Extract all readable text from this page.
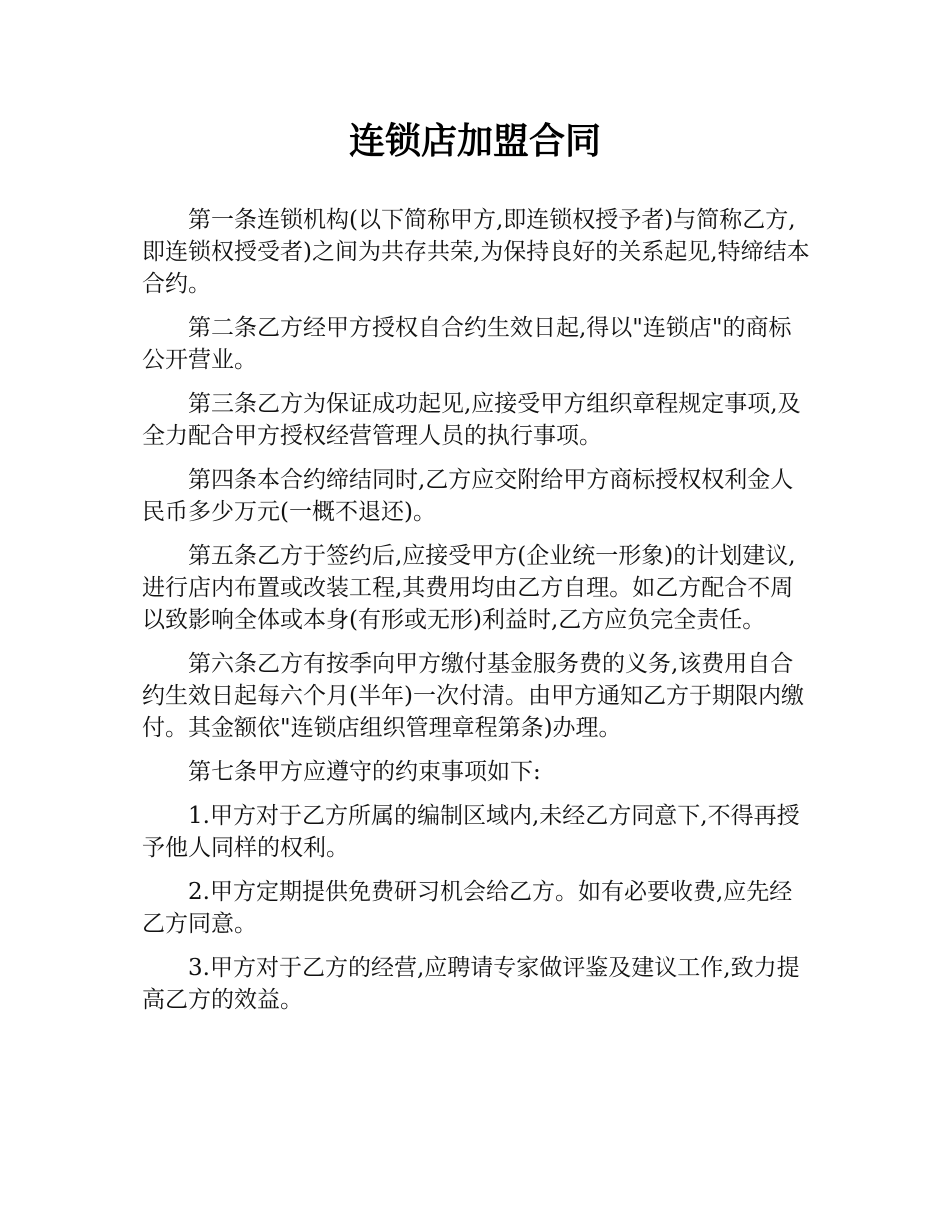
连锁店加盟合同

第一条连锁机构(以下简称甲方,即连锁权授予者)与简称乙方,即连锁权授受者)之间为共存共荣,为保持良好的关系起见,特缔结本合约。

第二条乙方经甲方授权自合约生效日起,得以"连锁店"的商标公开营业。

第三条乙方为保证成功起见,应接受甲方组织章程规定事项,及全力配合甲方授权经营管理人员的执行事项。

第四条本合约缔结同时,乙方应交附给甲方商标授权权利金人民币多少万元(一概不退还)。

第五条乙方于签约后,应接受甲方(企业统一形象)的计划建议,进行店内布置或改装工程,其费用均由乙方自理。如乙方配合不周以致影响全体或本身(有形或无形)利益时,乙方应负完全责任。

第六条乙方有按季向甲方缴付基金服务费的义务,该费用自合约生效日起每六个月(半年)一次付清。由甲方通知乙方于期限内缴付。其金额依"连锁店组织管理章程第条)办理。

第七条甲方应遵守的约束事项如下:

1.甲方对于乙方所属的编制区域内,未经乙方同意下,不得再授予他人同样的权利。

2.甲方定期提供免费研习机会给乙方。如有必要收费,应先经乙方同意。

3.甲方对于乙方的经营,应聘请专家做评鉴及建议工作,致力提高乙方的效益。
